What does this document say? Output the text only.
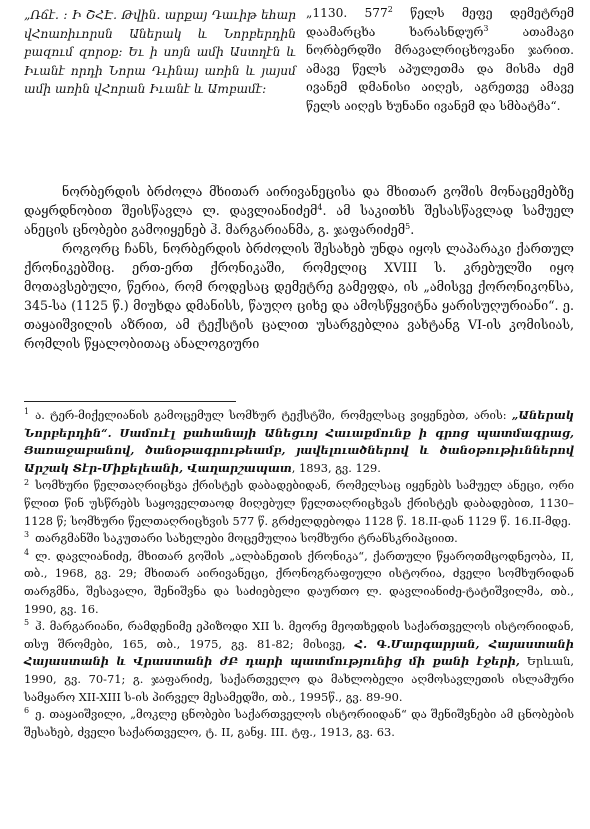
„Ռճէ. ։ Ի ՇՀԷ. Թվին. արքայ Դաւիթ եհար վՀոառիւորսն Աներակ և Նորբերդին բազում զորօք։ Եւ ի սոյն ամի Աստղէն և Իւանէ որդի Նորա Դւինայ առին և յայսմ ամի առին վՀորան Իւանէ և Աmբամէ։

„1130. 577$^2$ წელს მეფე დემეტრემ დაამარცხა ხარასნდურ$^3$ ათამაგი ნორბერდში მრავალრიცხოვანი ჯარით. ამავე წელს აპულეთმა და მისმა ძემ ივანემ დმანისი აიღეს, აგრეთვე ამავე წელს აიღეს ხუნანი ივანემ და სმბატმა“.

ნორბერდის ბრძოლა მხითარ აირივანეცისა და მხითარ გოშის მონაცემებზე დაყრდნობით შეისწავლა ლ. დავლიანიძემ$^4$. ამ საკითხს შესასწავლად სამუელ ანეცის ცნობები გამოიყენებ ჰ. მარგარიანმა, გ. ჯაფარიძემ$^5$.

როგორც ჩანს, ნორბერდის ბრძოლის შესახებ უნდა იყოს ლაპარაკი ქართულ ქრონიკებშიც. ერთ-ერთ ქრონიკაში, რომელიც XVIII ს. კრებულში იყო მოთავსებული, წერია, რომ როდესაც დემეტრე გამეფდა, ის „ამისვე ქორონიკონსა, 345-სა (1125 წ.) მიუხდა დმანისს, წაუღო ციხე და ამოსწყვიტნა ყარისუღურიანი“. ე. თაყაიშვილის აზრით, ამ ტექსტის ცალით უსარგებლია ვახტანგ VI-ის კომისიას, რომლის წყალობითაც ანალოგიური

$^1$ ა. ტერ-მიქელიანის გამოცემულ სომხურ ტექსტში, რომელსაც ვიყენებთ, არის: „Աներակ Նորբերդին“. Սամուէլ քահանայի Անեցւոյ Հաւաքմունք ի գրոց պատմագրաց, Յառաջաբանով, ծանօթագրութեամբ, յավելուածներով և ծանօթութիւններով Արշակ Տէր-Միքելեանի, Վաղարշապատ, 1893, გვ. 129.

$^2$ სომხური წელთაღრიცხვა ქრისტეს დაბადებიდან, რომელსაც იყენებს სამუელ ანეცი, ორი წლით წინ უსწრებს საყოველთაოდ მიღებულ წელთაღრიცხვას ქრისტეს დაბადებით, 1130–1128 წ; სომხური წელთაღრიცხვის 577 წ. გრძელდებოდა 1128 წ. 18.II-დან 1129 წ. 16.II-მდე.

$^3$ თარგმანში საკუთარი სახელები მოცემულია სომხური ტრანსკრიპციით.

$^4$ ლ. დავლიანიძე, მხითარ გოშის „ალბანეთის ქრონიკა“, ქართული წყაროთმცოდნეობა, II, თბ., 1968, გვ. 29; მხითარ აირივანეცი, ქრონოგრაფიული ისტორია, ძველი სომხურიდან თარგმნა, შესავალი, შენიშვნა და საძიებელი დაურთო ლ. დავლიანიძე-ტატიშვილმა, თბ., 1990, გვ. 16.

$^5$ ჰ. მარგარიანი, რამდენიმე ეპიზოდი XII ს. მეორე მეოთხედის საქართველოს ისტორიიდან, თსუ შრომები, 165, თბ., 1975, გვ. 81-82; მისივე, Հ. Գ.Մարգարյան, Հայաստանի Հայաստանի և Վրաստանի ժԲ դարի պատմությունից մի քանի էջերի, Երևան, 1990, გვ. 70-71; გ. ჯაფარიძე, საქართველო და მახლობელი აღმოსავლეთის ისლამური სამყარო XII-XIII ს-ის პირველ მესამედში, თბ., 1995წ., გვ. 89-90.

$^6$ ე. თაყაიშვილი, „მოკლე ცნობები საქართველოს ისტორიიდან“ და შენიშვნები ამ ცნობების შესახებ, ძველი საქართველო, ტ. II, განყ. III. ტფ., 1913, გვ. 63.
